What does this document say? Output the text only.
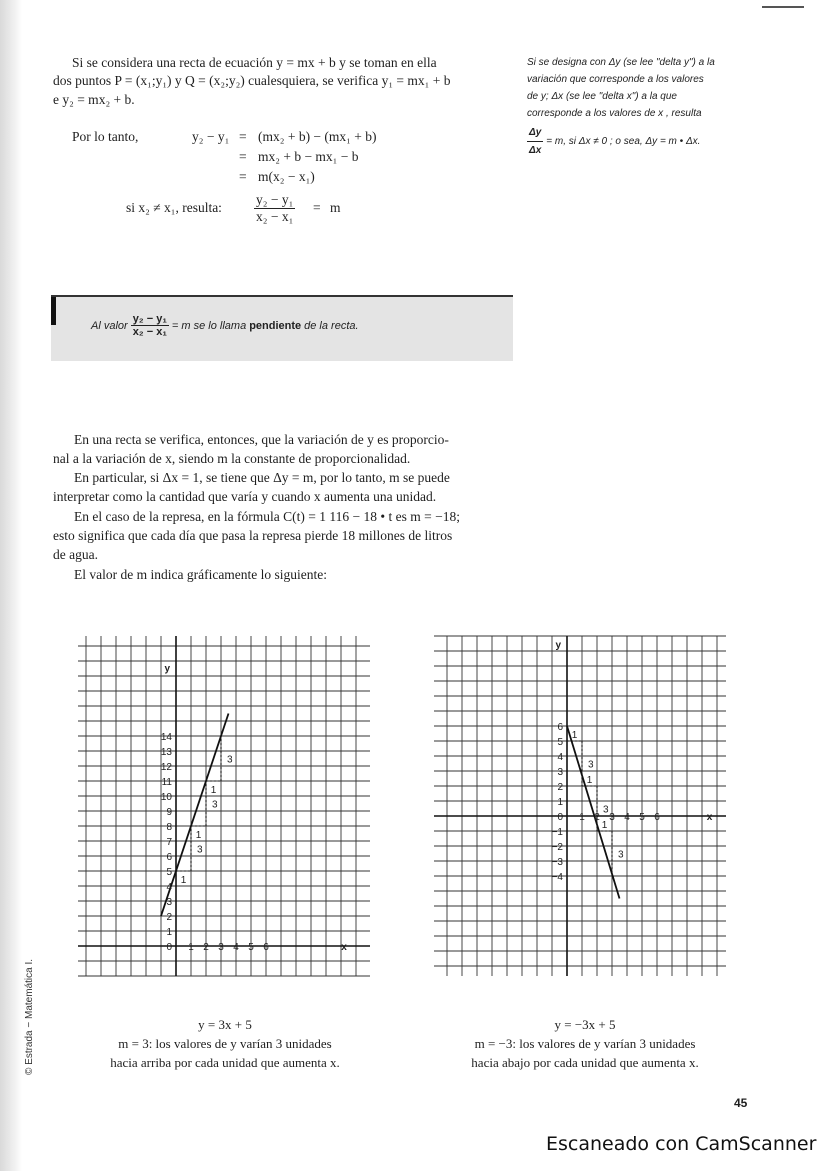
Si se considera una recta de ecuación y = mx + b y se toman en ella
dos puntos P = (x₁;y₁) y Q = (x₂;y₂) cualesquiera, se verifica y₁ = mx₁ + b
e y₂ = mx₂ + b.
Por lo tanto,	y₂ − y₁ = (mx₂ + b) − (mx₁ + b)
= mx₂ + b − mx₁ − b
= m(x₂ − x₁)
si x₂ ≠ x₁, resulta: $\frac{\text{y₂ − y₁}}{\text{x₂ − x₁}} = m$
Si se designa con Δy (se lee "delta y") a la
variación que corresponde a los valores
de y; Δx (se lee "delta x") a la que
corresponde a los valores de x , resulta
$\frac{\Delta y}{\Delta x} = m$, si Δx ≠ 0 ; o sea, Δy = m • Δx.
Al valor $\frac{\text{y₂ − y₁}}{\text{x₂ − x₁}} = m$ se lo llama pendiente de la recta.
En una recta se verifica, entonces, que la variación de y es proporcio-
nal a la variación de x, siendo m la constante de proporcionalidad.
En particular, si Δx = 1, se tiene que Δy = m, por lo tanto, m se puede
interpretar como la cantidad que varía y cuando x aumenta una unidad.
En el caso de la represa, en la fórmula C(t) = 1 116 − 18 • t es m = −18;
esto significa que cada día que pasa la represa pierde 18 millones de litros
de agua.
El valor de m indica gráficamente lo siguiente:
y
x
0 1 2 3 4 5 6
1
2
3
4
5
6
7
8
9
10
11
12
13
14
1
3
1
3
1
3
y
x
0 1 2 3 4 5 6
1
2
3
4
5
6
−1
−2
−3
−4
1
3
1
3
1
3
y = 3x + 5
m = 3: los valores de y varían 3 unidades
hacia arriba por cada unidad que aumenta x.
y = −3x + 5
m = −3: los valores de y varían 3 unidades
hacia abajo por cada unidad que aumenta x.
© Estrada − Matemática I.
45
Escaneado con CamScanner
